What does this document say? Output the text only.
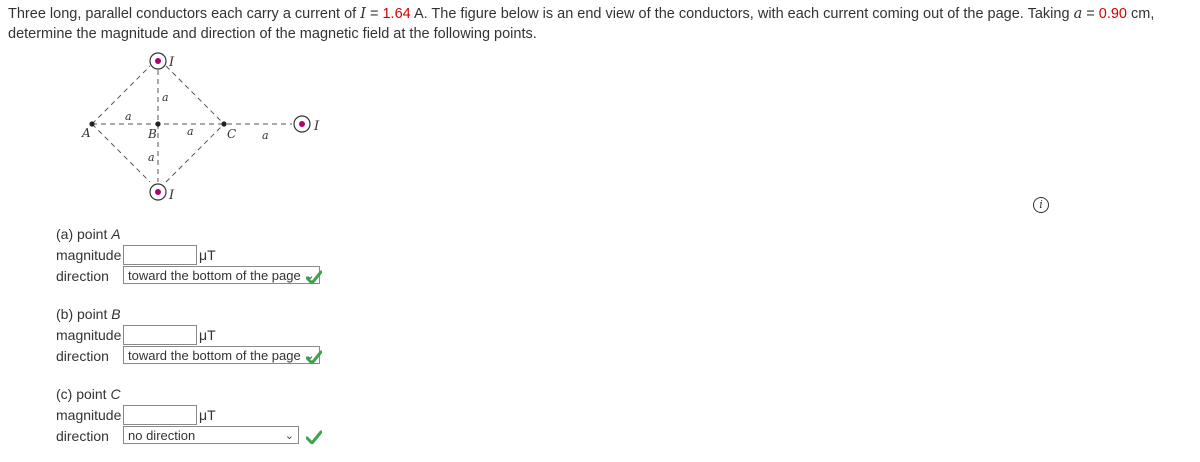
Three long, parallel conductors each carry a current of I = 1.64 A. The figure below is an end view of the conductors, with each current coming out of the page. Taking a = 0.90 cm, determine the magnitude and direction of the magnetic field at the following points.
I
I
I
A	B	C
a
a
a
a
a
i
(a) point A
magnitude	μT
direction	toward the bottom of the page ⌄
(b) point B
magnitude	μT
direction	toward the bottom of the page ⌄
(c) point C
magnitude	μT
direction	no direction	⌄
